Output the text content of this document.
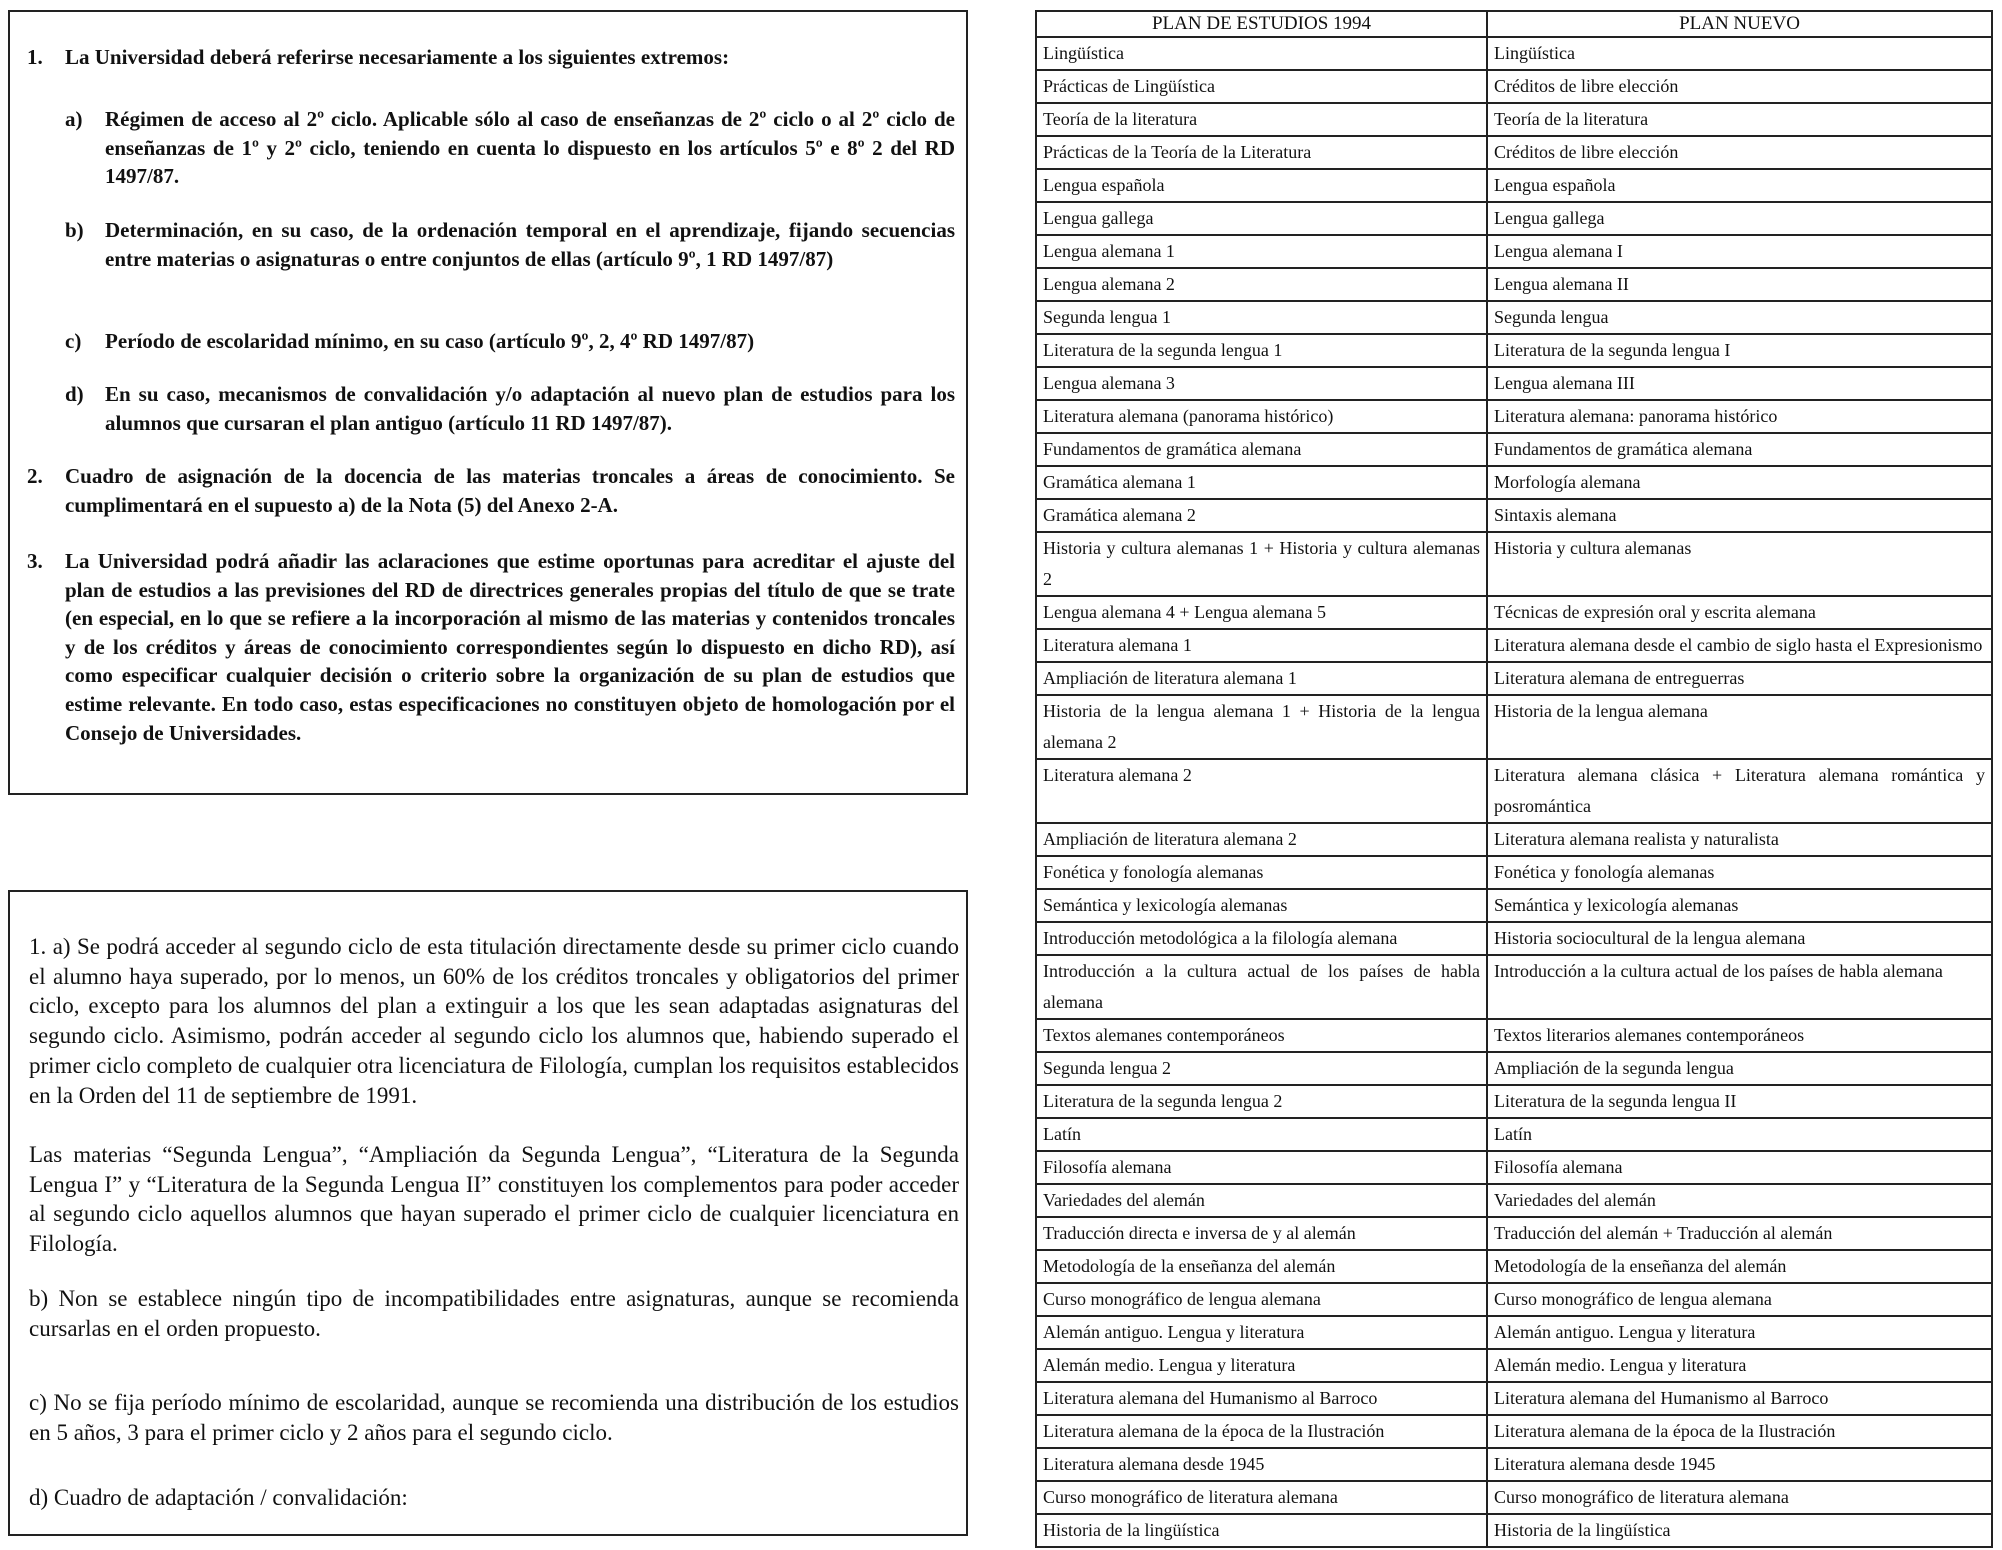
1. La Universidad deberá referirse necesariamente a los siguientes extremos:
a) Régimen de acceso al 2º ciclo. Aplicable sólo al caso de enseñanzas de 2º ciclo o al 2º ciclo de enseñanzas de 1º y 2º ciclo, teniendo en cuenta lo dispuesto en los artículos 5º e 8º 2 del RD 1497/87.
b) Determinación, en su caso, de la ordenación temporal en el aprendizaje, fijando secuencias entre materias o asignaturas o entre conjuntos de ellas (artículo 9º, 1 RD 1497/87)
c) Período de escolaridad mínimo, en su caso (artículo 9º, 2, 4º RD 1497/87)
d) En su caso, mecanismos de convalidación y/o adaptación al nuevo plan de estudios para los alumnos que cursaran el plan antiguo (artículo 11 RD 1497/87).
2. Cuadro de asignación de la docencia de las materias troncales a áreas de conocimiento. Se cumplimentará en el supuesto a) de la Nota (5) del Anexo 2-A.
3. La Universidad podrá añadir las aclaraciones que estime oportunas para acreditar el ajuste del plan de estudios a las previsiones del RD de directrices generales propias del título de que se trate (en especial, en lo que se refiere a la incorporación al mismo de las materias y contenidos troncales y de los créditos y áreas de conocimiento correspondientes según lo dispuesto en dicho RD), así como especificar cualquier decisión o criterio sobre la organización de su plan de estudios que estime relevante. En todo caso, estas especificaciones no constituyen objeto de homologación por el Consejo de Universidades.
1. a) Se podrá acceder al segundo ciclo de esta titulación directamente desde su primer ciclo cuando el alumno haya superado, por lo menos, un 60% de los créditos troncales y obligatorios del primer ciclo, excepto para los alumnos del plan a extinguir a los que les sean adaptadas asignaturas del segundo ciclo. Asimismo, podrán acceder al segundo ciclo los alumnos que, habiendo superado el primer ciclo completo de cualquier otra licenciatura de Filología, cumplan los requisitos establecidos en la Orden del 11 de septiembre de 1991.
Las materias “Segunda Lengua”, “Ampliación da Segunda Lengua”, “Literatura de la Segunda Lengua I” y “Literatura de la Segunda Lengua II” constituyen los complementos para poder acceder al segundo ciclo aquellos alumnos que hayan superado el primer ciclo de cualquier licenciatura en Filología.
b) Non se establece ningún tipo de incompatibilidades entre asignaturas, aunque se recomienda cursarlas en el orden propuesto.
c) No se fija período mínimo de escolaridad, aunque se recomienda una distribución de los estudios en 5 años, 3 para el primer ciclo y 2 años para el segundo ciclo.
d) Cuadro de adaptación / convalidación:
PLAN DE ESTUDIOS 1994	PLAN NUEVO
Lingüística	Lingüística
Prácticas de Lingüística	Créditos de libre elección
Teoría de la literatura	Teoría de la literatura
Prácticas de la Teoría de la Literatura	Créditos de libre elección
Lengua española	Lengua española
Lengua gallega	Lengua gallega
Lengua alemana 1	Lengua alemana I
Lengua alemana 2	Lengua alemana II
Segunda lengua 1	Segunda lengua
Literatura de la segunda lengua 1	Literatura de la segunda lengua I
Lengua alemana 3	Lengua alemana III
Literatura alemana (panorama histórico)	Literatura alemana: panorama histórico
Fundamentos de gramática alemana	Fundamentos de gramática alemana
Gramática alemana 1	Morfología alemana
Gramática alemana 2	Sintaxis alemana
Historia y cultura alemanas 1 + Historia y cultura alemanas 2	Historia y cultura alemanas
Lengua alemana 4 + Lengua alemana 5	Técnicas de expresión oral y escrita alemana
Literatura alemana 1	Literatura alemana desde el cambio de siglo hasta el Expresionismo
Ampliación de literatura alemana 1	Literatura alemana de entreguerras
Historia de la lengua alemana 1 + Historia de la lengua alemana 2	Historia de la lengua alemana
Literatura alemana 2	Literatura alemana clásica + Literatura alemana romántica y posromántica
Ampliación de literatura alemana 2	Literatura alemana realista y naturalista
Fonética y fonología alemanas	Fonética y fonología alemanas
Semántica y lexicología alemanas	Semántica y lexicología alemanas
Introducción metodológica a la filología alemana	Historia sociocultural de la lengua alemana
Introducción a la cultura actual de los países de habla alemana	Introducción a la cultura actual de los países de habla alemana
Textos alemanes contemporáneos	Textos literarios alemanes contemporáneos
Segunda lengua 2	Ampliación de la segunda lengua
Literatura de la segunda lengua 2	Literatura de la segunda lengua II
Latín	Latín
Filosofía alemana	Filosofía alemana
Variedades del alemán	Variedades del alemán
Traducción directa e inversa de y al alemán	Traducción del alemán + Traducción al alemán
Metodología de la enseñanza del alemán	Metodología de la enseñanza del alemán
Curso monográfico de lengua alemana	Curso monográfico de lengua alemana
Alemán antiguo. Lengua y literatura	Alemán antiguo. Lengua y literatura
Alemán medio. Lengua y literatura	Alemán medio. Lengua y literatura
Literatura alemana del Humanismo al Barroco	Literatura alemana del Humanismo al Barroco
Literatura alemana de la época de la Ilustración	Literatura alemana de la época de la Ilustración
Literatura alemana desde 1945	Literatura alemana desde 1945
Curso monográfico de literatura alemana	Curso monográfico de literatura alemana
Historia de la lingüística	Historia de la lingüística
